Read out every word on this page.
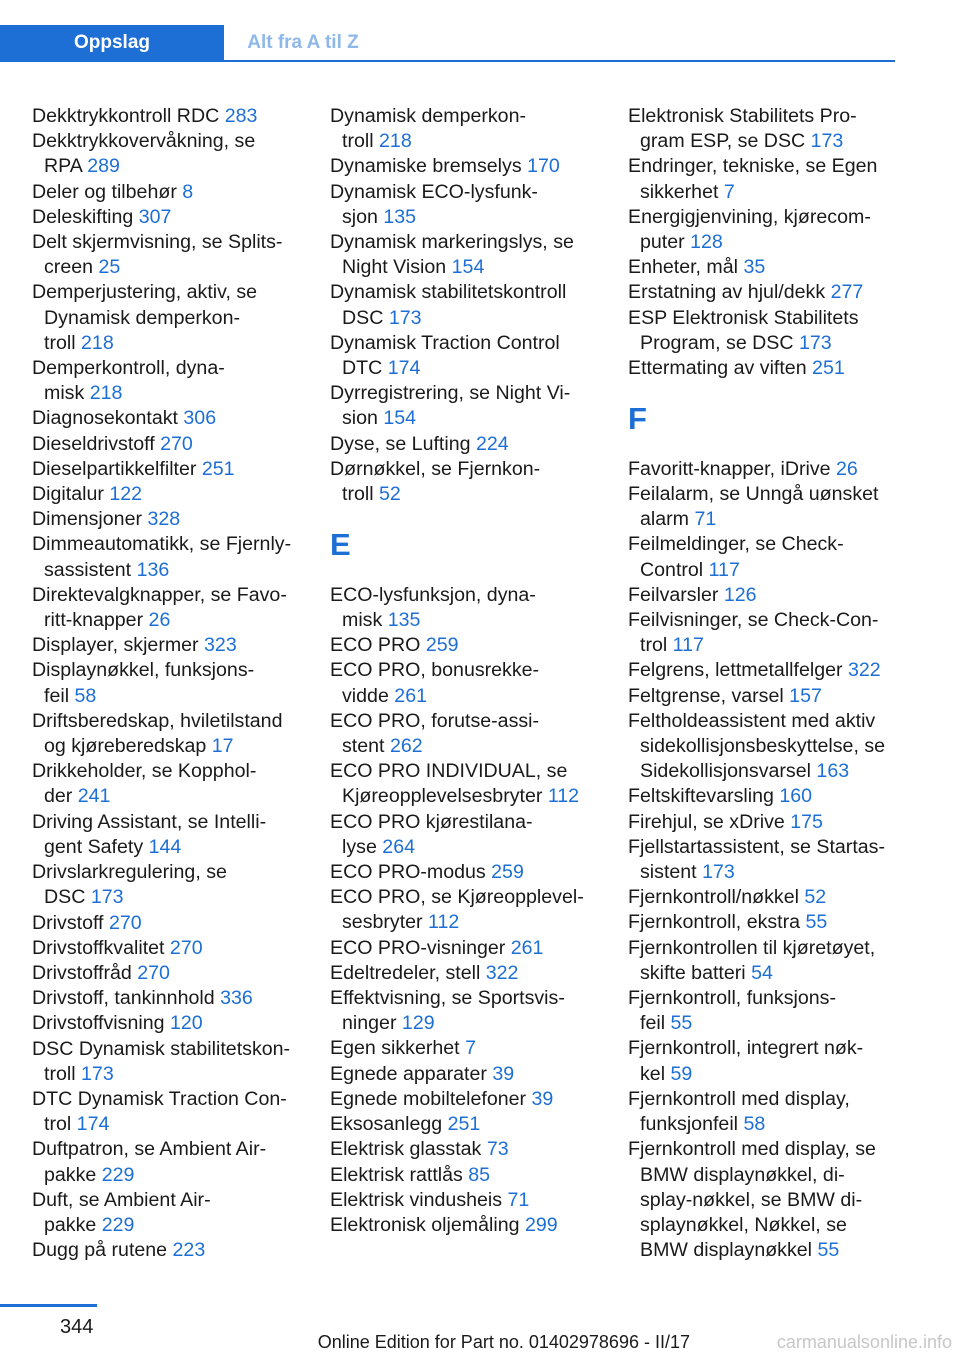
Oppslag	Alt fra A til Z
Dekktrykkontroll RDC 283
Dekktrykkovervåkning, se
RPA 289
Deler og tilbehør 8
Deleskifting 307
Delt skjermvisning, se Splits-
creen 25
Demperjustering, aktiv, se
Dynamisk demperkon-
troll 218
Demperkontroll, dyna-
misk 218
Diagnosekontakt 306
Dieseldrivstoff 270
Dieselpartikkelfilter 251
Digitalur 122
Dimensjoner 328
Dimmeautomatikk, se Fjernly-
sassistent 136
Direktevalgknapper, se Favo-
ritt-knapper 26
Displayer, skjermer 323
Displaynøkkel, funksjons-
feil 58
Driftsberedskap, hviletilstand
og kjøreberedskap 17
Drikkeholder, se Kopphol-
der 241
Driving Assistant, se Intelli-
gent Safety 144
Drivslarkregulering, se
DSC 173
Drivstoff 270
Drivstoffkvalitet 270
Drivstoffråd 270
Drivstoff, tankinnhold 336
Drivstoffvisning 120
DSC Dynamisk stabilitetskon-
troll 173
DTC Dynamisk Traction Con-
trol 174
Duftpatron, se Ambient Air-
pakke 229
Duft, se Ambient Air-
pakke 229
Dugg på rutene 223
Dynamisk demperkon-
troll 218
Dynamiske bremselys 170
Dynamisk ECO-lysfunk-
sjon 135
Dynamisk markeringslys, se
Night Vision 154
Dynamisk stabilitetskontroll
DSC 173
Dynamisk Traction Control
DTC 174
Dyrregistrering, se Night Vi-
sion 154
Dyse, se Lufting 224
Dørnøkkel, se Fjernkon-
troll 52
E
ECO-lysfunksjon, dyna-
misk 135
ECO PRO 259
ECO PRO, bonusrekke-
vidde 261
ECO PRO, forutse-assi-
stent 262
ECO PRO INDIVIDUAL, se
Kjøreopplevelsesbryter 112
ECO PRO kjørestilana-
lyse 264
ECO PRO-modus 259
ECO PRO, se Kjøreopplevel-
sesbryter 112
ECO PRO-visninger 261
Edeltredeler, stell 322
Effektvisning, se Sportsvis-
ninger 129
Egen sikkerhet 7
Egnede apparater 39
Egnede mobiltelefoner 39
Eksosanlegg 251
Elektrisk glasstak 73
Elektrisk rattlås 85
Elektrisk vindusheis 71
Elektronisk oljemåling 299
Elektronisk Stabilitets Pro-
gram ESP, se DSC 173
Endringer, tekniske, se Egen
sikkerhet 7
Energigjenvining, kjørecom-
puter 128
Enheter, mål 35
Erstatning av hjul/dekk 277
ESP Elektronisk Stabilitets
Program, se DSC 173
Ettermating av viften 251
F
Favoritt-knapper, iDrive 26
Feilalarm, se Unngå uønsket
alarm 71
Feilmeldinger, se Check-
Control 117
Feilvarsler 126
Feilvisninger, se Check-Con-
trol 117
Felgrens, lettmetallfelger 322
Feltgrense, varsel 157
Feltholdeassistent med aktiv
sidekollisjonsbeskyttelse, se
Sidekollisjonsvarsel 163
Feltskiftevarsling 160
Firehjul, se xDrive 175
Fjellstartassistent, se Startas-
sistent 173
Fjernkontroll/nøkkel 52
Fjernkontroll, ekstra 55
Fjernkontrollen til kjøretøyet,
skifte batteri 54
Fjernkontroll, funksjons-
feil 55
Fjernkontroll, integrert nøk-
kel 59
Fjernkontroll med display,
funksjonfeil 58
Fjernkontroll med display, se
BMW displaynøkkel, di-
splay-nøkkel, se BMW di-
splaynøkkel, Nøkkel, se
BMW displaynøkkel 55
344
Online Edition for Part no. 01402978696 - II/17	carmanualsonline.info
